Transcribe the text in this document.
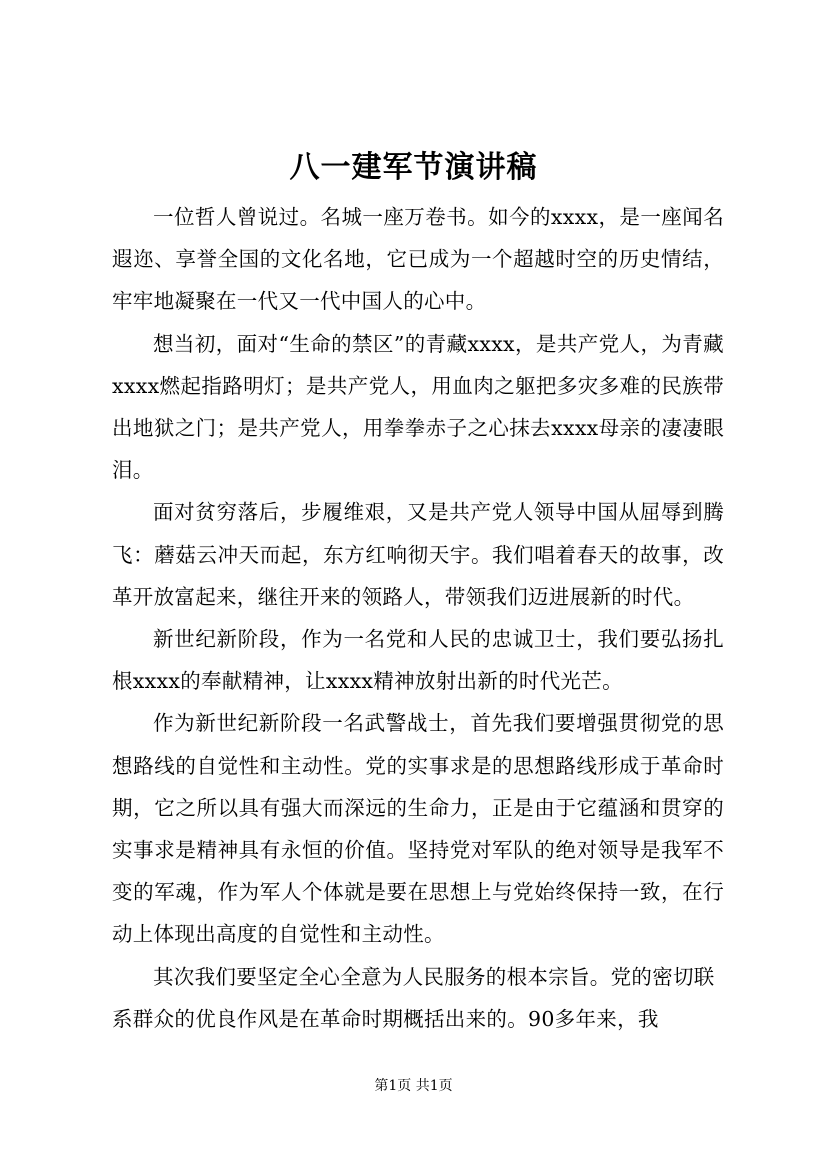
八一建军节演讲稿

一位哲人曾说过。名城一座万卷书。如今的xxxx，是一座闻名遐迩、享誉全国的文化名地，它已成为一个超越时空的历史情结，牢牢地凝聚在一代又一代中国人的心中。

想当初，面对“生命的禁区”的青藏xxxx，是共产党人，为青藏xxxx燃起指路明灯；是共产党人，用血肉之躯把多灾多难的民族带出地狱之门；是共产党人，用拳拳赤子之心抹去xxxx母亲的凄凄眼泪。

面对贫穷落后，步履维艰，又是共产党人领导中国从屈辱到腾飞：蘑菇云冲天而起，东方红响彻天宇。我们唱着春天的故事，改革开放富起来，继往开来的领路人，带领我们迈进展新的时代。

新世纪新阶段，作为一名党和人民的忠诚卫士，我们要弘扬扎根xxxx的奉献精神，让xxxx精神放射出新的时代光芒。

作为新世纪新阶段一名武警战士，首先我们要增强贯彻党的思想路线的自觉性和主动性。党的实事求是的思想路线形成于革命时期，它之所以具有强大而深远的生命力，正是由于它蕴涵和贯穿的实事求是精神具有永恒的价值。坚持党对军队的绝对领导是我军不变的军魂，作为军人个体就是要在思想上与党始终保持一致，在行动上体现出高度的自觉性和主动性。

其次我们要坚定全心全意为人民服务的根本宗旨。党的密切联系群众的优良作风是在革命时期概括出来的。90多年来，我

第1页 共1页
